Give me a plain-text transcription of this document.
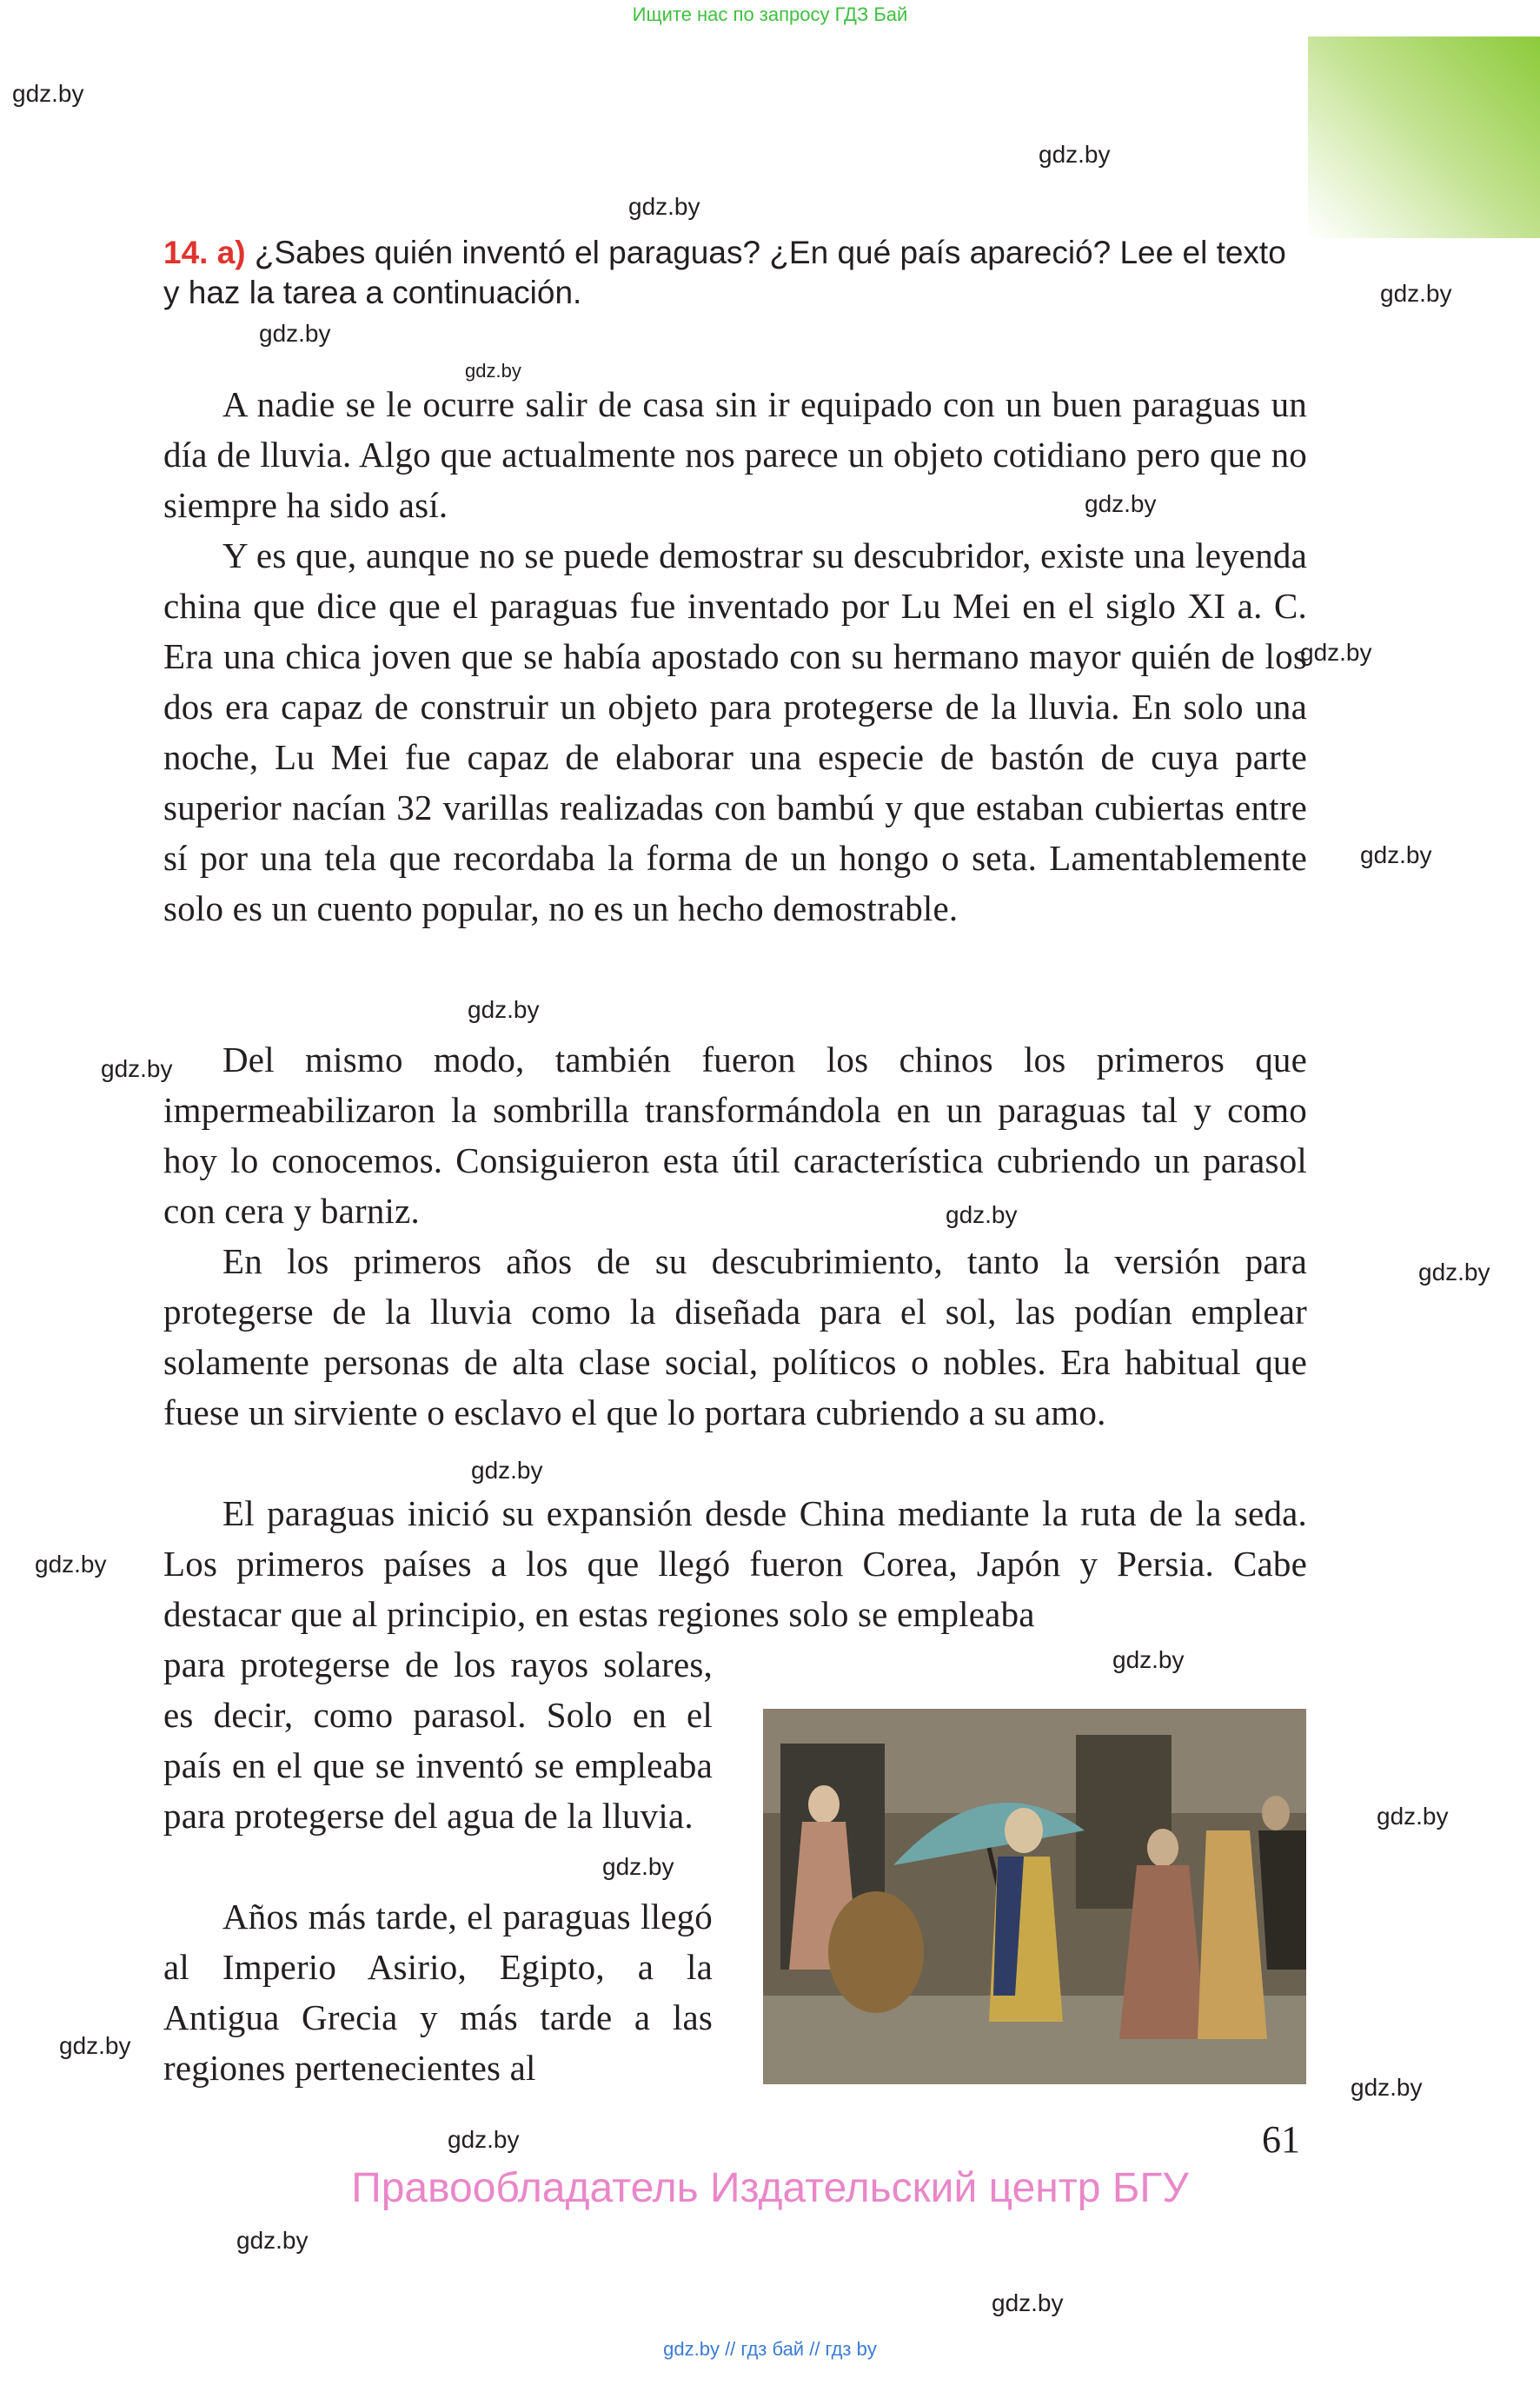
Ищите нас по запросу ГДЗ Бай
gdz.by
gdz.by
gdz.by
gdz.by
gdz.by
gdz.by
gdz.by
gdz.by
gdz.by
gdz.by
gdz.by
gdz.by
gdz.by
gdz.by
gdz.by
gdz.by
gdz.by
gdz.by
gdz.by
gdz.by
gdz.by
gdz.by
gdz.by
14. a) ¿Sabes quién inventó el paraguas? ¿En qué país apareció? Lee el texto y haz la tarea a continuación.

A nadie se le ocurre salir de casa sin ir equipado con un buen paraguas un día de lluvia. Algo que actualmente nos parece un objeto cotidiano pero que no siempre ha sido así.

Y es que, aunque no se puede demostrar su descubridor, existe una leyenda china que dice que el paraguas fue inventado por Lu Mei en el siglo XI a. C. Era una chica joven que se había apostado con su hermano mayor quién de los dos era capaz de construir un objeto para protegerse de la lluvia. En solo una noche, Lu Mei fue capaz de elaborar una especie de bastón de cuya parte superior nacían 32 varillas realizadas con bambú y que estaban cubiertas entre sí por una tela que recordaba la forma de un hongo o seta. Lamentablemente solo es un cuento popular, no es un hecho demostrable.

Del mismo modo, también fueron los chinos los primeros que impermeabilizaron la sombrilla transformándola en un paraguas tal y como hoy lo conocemos. Consiguieron esta útil característica cubriendo un parasol con cera y barniz.

En los primeros años de su descubrimiento, tanto la versión para protegerse de la lluvia como la diseñada para el sol, las podían emplear solamente personas de alta clase social, políticos o nobles. Era habitual que fuese un sirviente o esclavo el que lo portara cubriendo a su amo.

El paraguas inició su expansión desde China mediante la ruta de la seda. Los primeros países a los que llegó fueron Corea, Japón y Persia. Cabe destacar que al principio, en estas regiones solo se empleaba

para protegerse de los rayos solares, es decir, como parasol. Solo en el país en el que se inventó se empleaba para protegerse del agua de la lluvia.

Años más tarde, el paraguas llegó al Imperio Asirio, Egipto, a la Antigua Grecia y más tarde a las regiones pertenecientes al

61
Правообладатель Издательский центр БГУ
gdz.by // гдз бай // гдз by
